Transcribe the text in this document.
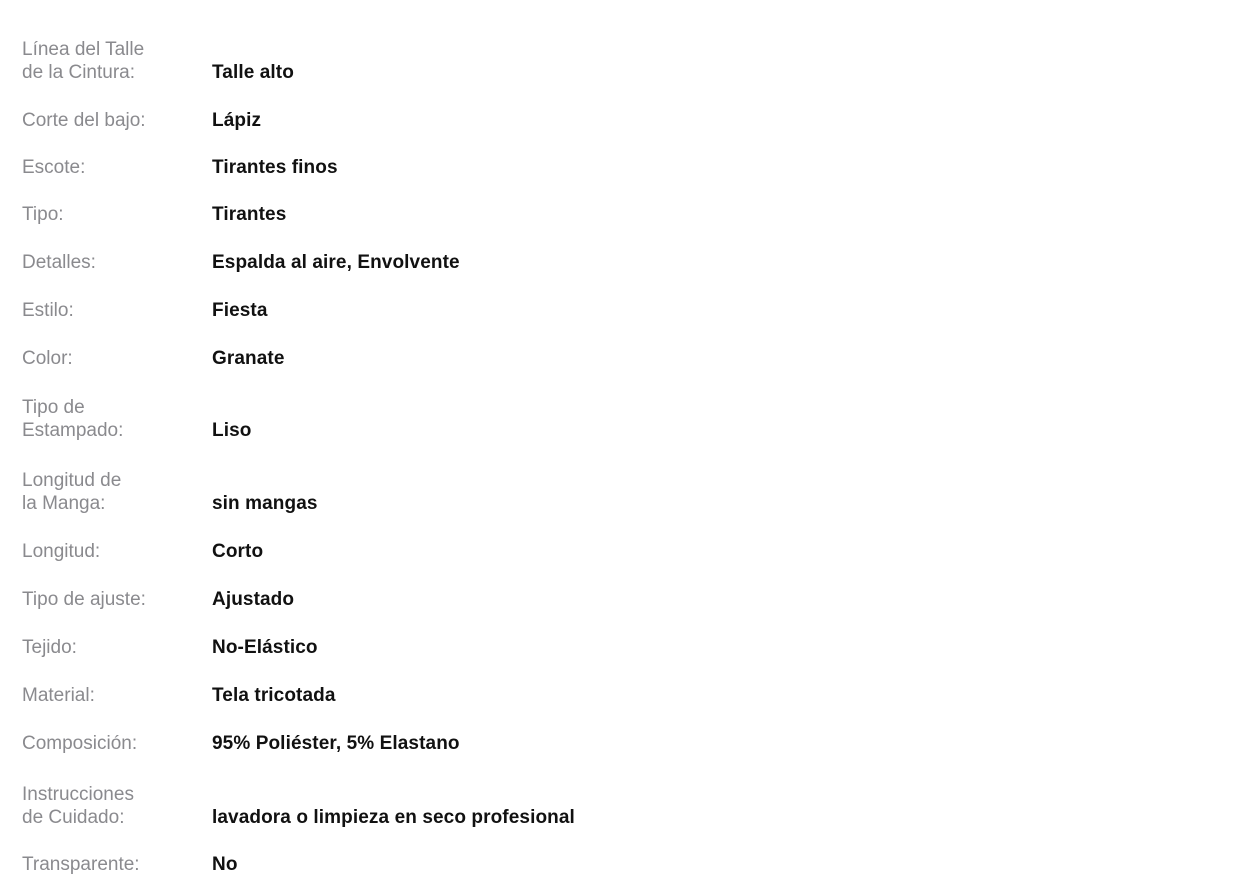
Línea del Talle
de la Cintura:	Talle alto
Corte del bajo:	Lápiz
Escote:	Tirantes finos
Tipo:	Tirantes
Detalles:	Espalda al aire, Envolvente
Estilo:	Fiesta
Color:	Granate
Tipo de
Estampado:	Liso
Longitud de
la Manga:	sin mangas
Longitud:	Corto
Tipo de ajuste:	Ajustado
Tejido:	No-Elástico
Material:	Tela tricotada
Composición:	95% Poliéster, 5% Elastano
Instrucciones
de Cuidado:	lavadora o limpieza en seco profesional
Transparente:	No
